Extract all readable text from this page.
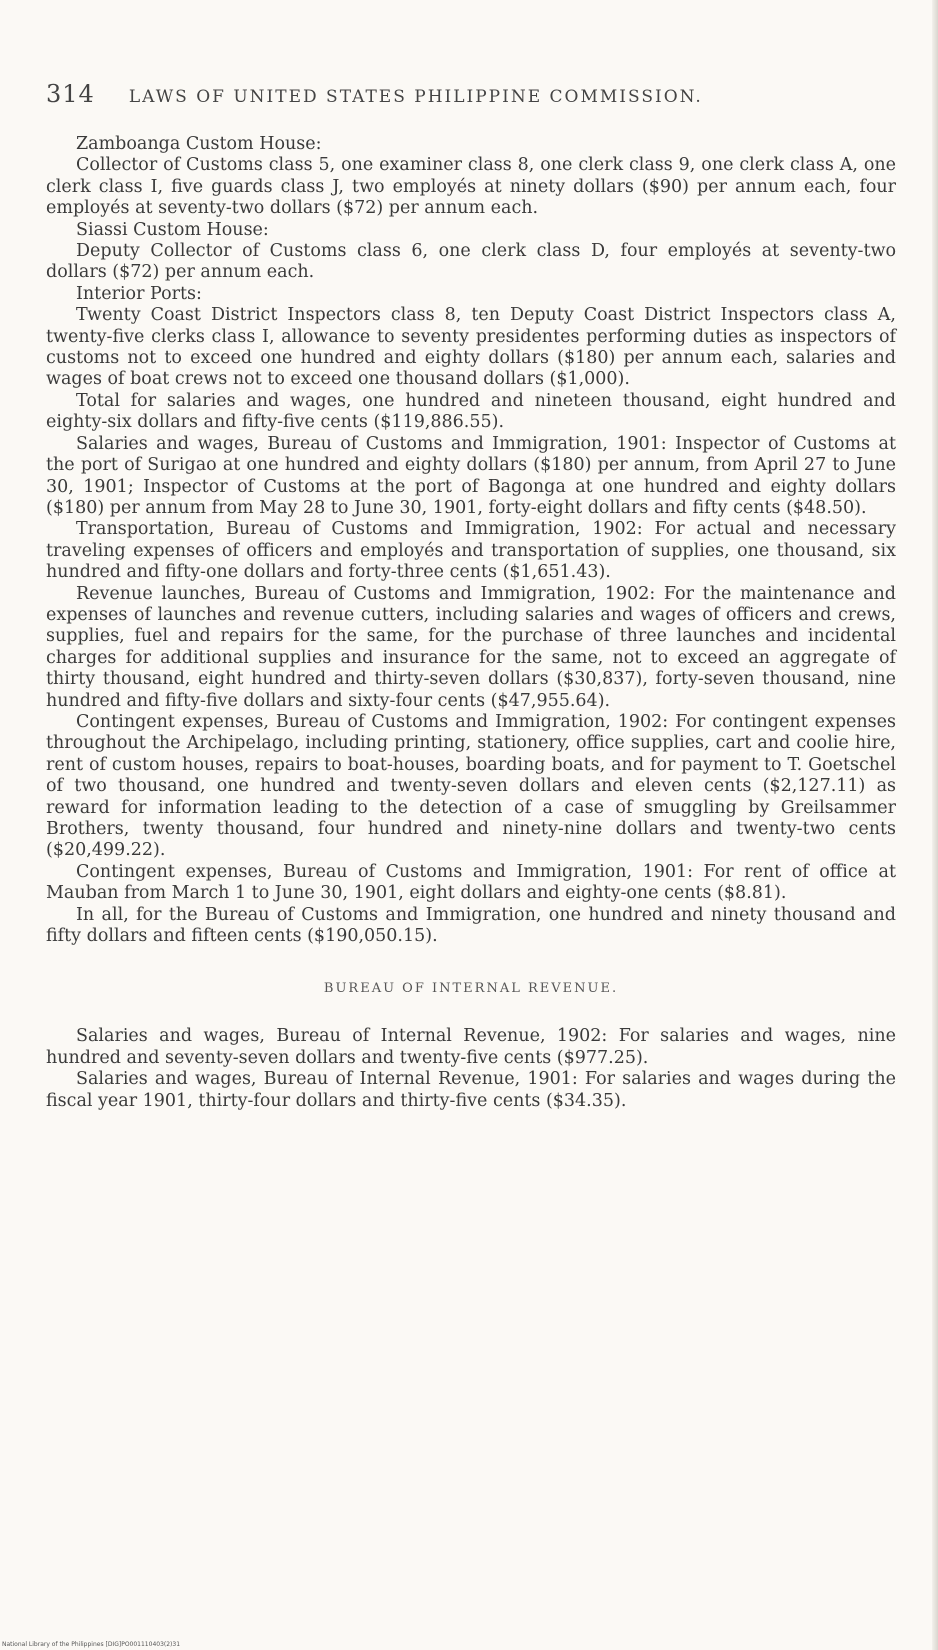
314 LAWS OF UNITED STATES PHILIPPINE COMMISSION.

Zamboanga Custom House:

Collector of Customs class 5, one examiner class 8, one clerk class 9, one clerk class A, one clerk class I, five guards class J, two employés at ninety dollars ($90) per annum each, four employés at seventy-two dollars ($72) per annum each.

Siassi Custom House:

Deputy Collector of Customs class 6, one clerk class D, four employés at seventy-two dollars ($72) per annum each.

Interior Ports:

Twenty Coast District Inspectors class 8, ten Deputy Coast District Inspectors class A, twenty-five clerks class I, allowance to seventy presidentes performing duties as inspectors of customs not to exceed one hundred and eighty dollars ($180) per annum each, salaries and wages of boat crews not to exceed one thousand dollars ($1,000).

Total for salaries and wages, one hundred and nineteen thousand, eight hundred and eighty-six dollars and fifty-five cents ($119,886.55).

Salaries and wages, Bureau of Customs and Immigration, 1901: Inspector of Customs at the port of Surigao at one hundred and eighty dollars ($180) per annum, from April 27 to June 30, 1901; Inspector of Customs at the port of Bagonga at one hundred and eighty dollars ($180) per annum from May 28 to June 30, 1901, forty-eight dollars and fifty cents ($48.50).

Transportation, Bureau of Customs and Immigration, 1902: For actual and necessary traveling expenses of officers and employés and transportation of supplies, one thousand, six hundred and fifty-one dollars and forty-three cents ($1,651.43).

Revenue launches, Bureau of Customs and Immigration, 1902: For the maintenance and expenses of launches and revenue cutters, including salaries and wages of officers and crews, supplies, fuel and repairs for the same, for the purchase of three launches and incidental charges for additional supplies and insurance for the same, not to exceed an aggregate of thirty thousand, eight hundred and thirty-seven dollars ($30,837), forty-seven thousand, nine hundred and fifty-five dollars and sixty-four cents ($47,955.64).

Contingent expenses, Bureau of Customs and Immigration, 1902: For contingent expenses throughout the Archipelago, including printing, stationery, office supplies, cart and coolie hire, rent of custom houses, repairs to boat-houses, boarding boats, and for payment to T. Goetschel of two thousand, one hundred and twenty-seven dollars and eleven cents ($2,127.11) as reward for information leading to the detection of a case of smuggling by Greilsammer Brothers, twenty thousand, four hundred and ninety-nine dollars and twenty-two cents ($20,499.22).

Contingent expenses, Bureau of Customs and Immigration, 1901: For rent of office at Mauban from March 1 to June 30, 1901, eight dollars and eighty-one cents ($8.81).

In all, for the Bureau of Customs and Immigration, one hundred and ninety thousand and fifty dollars and fifteen cents ($190,050.15).

BUREAU OF INTERNAL REVENUE.

Salaries and wages, Bureau of Internal Revenue, 1902: For salaries and wages, nine hundred and seventy-seven dollars and twenty-five cents ($977.25).

Salaries and wages, Bureau of Internal Revenue, 1901: For salaries and wages during the fiscal year 1901, thirty-four dollars and thirty-five cents ($34.35).

National Library of the Philippines [DIG]PO001110403(2)31
